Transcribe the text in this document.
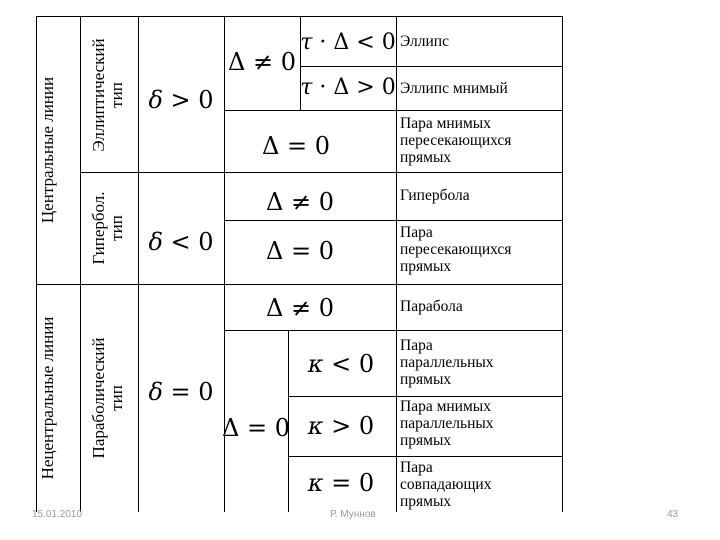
Центральные линии
Нецентральные линии
Эллиптический тип
Гипербол. тип
Параболический тип
δ > 0
δ < 0
δ = 0
Δ ≠ 0
Δ = 0
Δ ≠ 0
Δ = 0
Δ ≠ 0
Δ = 0
τ · Δ < 0
τ · Δ > 0
κ < 0
κ > 0
κ = 0
Эллипс
Эллипс мнимый
Пара мнимых
пересекающихся
прямых
Гипербола
Пара
пересекающихся
прямых
Парабола
Пара
параллельных
прямых
Пара мнимых
параллельных
прямых
Пара
совпадающих
прямых
15.01.2010	Р. Муннов	43
